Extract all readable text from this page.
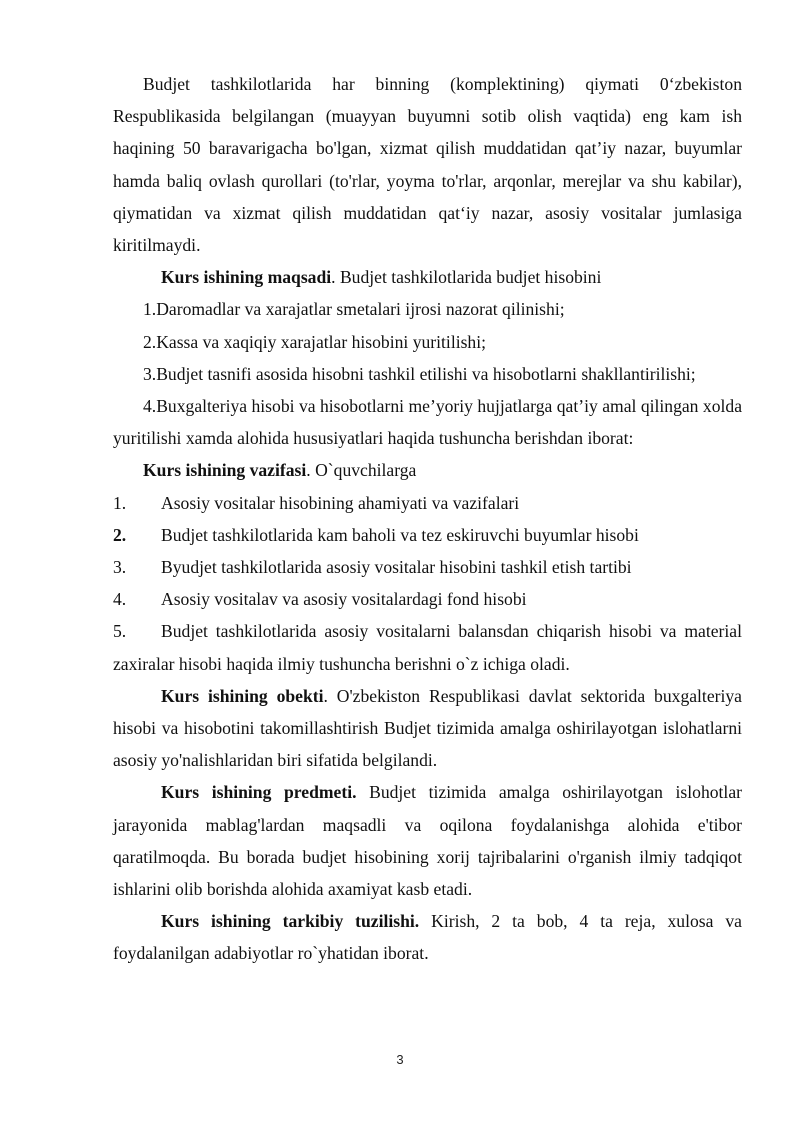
Budjet tashkilotlarida har binning (komplektining) qiymati 0‘zbekiston Respublikasida belgilangan (muayyan buyumni sotib olish vaqtida) eng kam ish haqining 50 baravarigacha bo'lgan, xizmat qilish muddatidan qat’iy nazar, buyumlar hamda baliq ovlash qurollari (to'rlar, yoyma to'rlar, arqonlar, merejlar va shu kabilar), qiymatidan va xizmat qilish muddatidan qat‘iy nazar, asosiy vositalar jumlasiga kiritilmaydi.

Kurs ishining maqsadi. Budjet tashkilotlarida budjet hisobini

1.Daromadlar va xarajatlar smetalari ijrosi nazorat qilinishi;

2.Kassa va xaqiqiy xarajatlar hisobini yuritilishi;

3.Budjet tasnifi asosida hisobni tashkil etilishi va hisobotlarni shakllantirilishi;

4.Buxgalteriya hisobi va hisobotlarni me’yoriy hujjatlarga qat’iy amal qilingan xolda yuritilishi xamda alohida hususiyatlari haqida tushuncha berishdan iborat:

Kurs ishining vazifasi. O`quvchilarga

1.	Asosiy vositalar hisobining ahamiyati va vazifalari
2.	Budjet tashkilotlarida kam baholi va tez eskiruvchi buyumlar hisobi
3.	Byudjet tashkilotlarida asosiy vositalar hisobini tashkil etish tartibi
4.	Asosiy vositalav va asosiy vositalardagi fond hisobi
5. Budjet tashkilotlarida asosiy vositalarni balansdan chiqarish hisobi va material zaxiralar hisobi haqida ilmiy tushuncha berishni o`z ichiga oladi.

Kurs ishining obekti. O'zbekiston Respublikasi davlat sektorida buxgalteriya hisobi va hisobotini takomillashtirish Budjet tizimida amalga oshirilayotgan islohatlarni asosiy yo'nalishlaridan biri sifatida belgilandi.

Kurs ishining predmeti. Budjet tizimida amalga oshirilayotgan islohotlar jarayonida mablag'lardan maqsadli va oqilona foydalanishga alohida e'tibor qaratilmoqda. Bu borada budjet hisobining xorij tajribalarini o'rganish ilmiy tadqiqot ishlarini olib borishda alohida axamiyat kasb etadi.

Kurs ishining tarkibiy tuzilishi. Kirish, 2 ta bob, 4 ta reja, xulosa va foydalanilgan adabiyotlar ro`yhatidan iborat.

3
